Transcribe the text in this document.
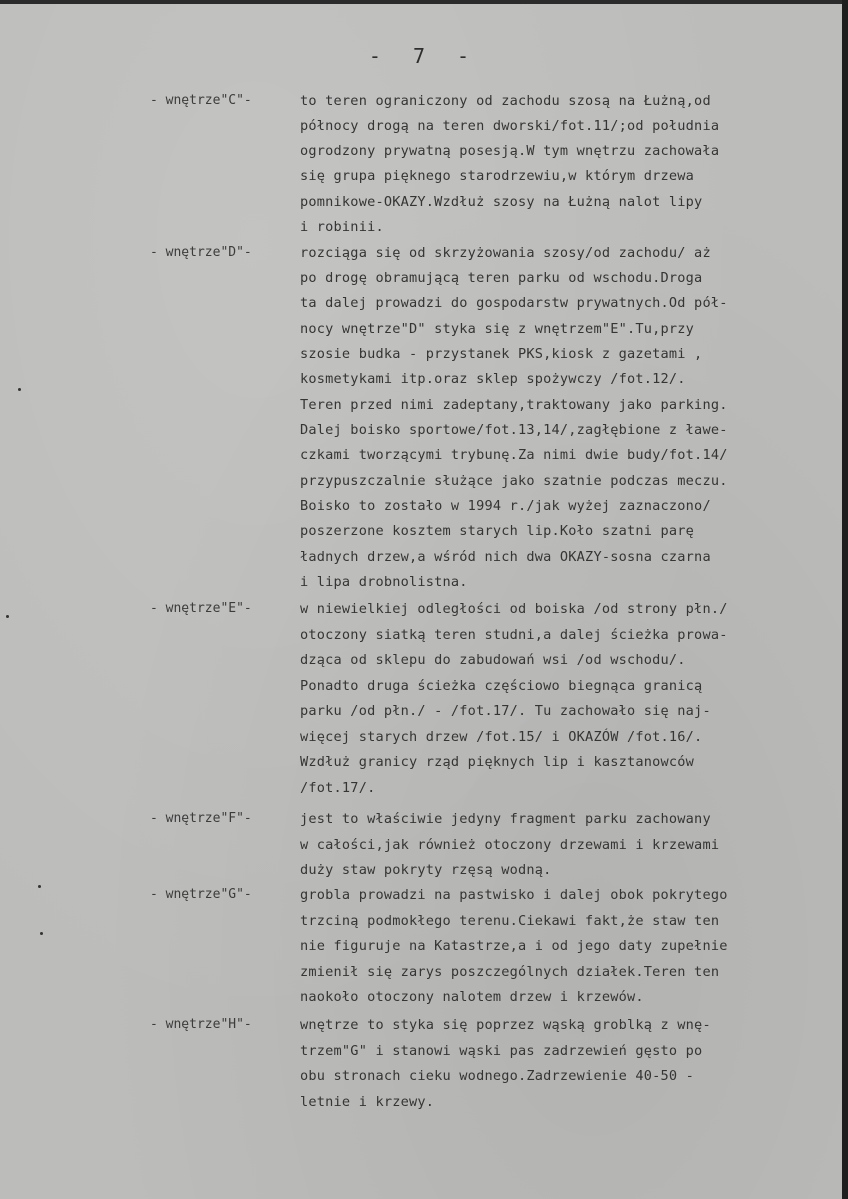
- 7 -
- wnętrze"C"-	to teren ograniczony od zachodu szosą na Łużną,od
północy drogą na teren dworski/fot.11/;od południa
ogrodzony prywatną posesją.W tym wnętrzu zachowała
się grupa pięknego starodrzewiu,w którym drzewa
pomnikowe-OKAZY.Wzdłuż szosy na Łużną nalot lipy
i robinii.
- wnętrze"D"-	rozciąga się od skrzyżowania szosy/od zachodu/ aż
po drogę obramującą teren parku od wschodu.Droga
ta dalej prowadzi do gospodarstw prywatnych.Od pół-
nocy wnętrze"D" styka się z wnętrzem"E".Tu,przy
szosie budka - przystanek PKS,kiosk z gazetami ,
kosmetykami itp.oraz sklep spożywczy /fot.12/.
Teren przed nimi zadeptany,traktowany jako parking.
Dalej boisko sportowe/fot.13,14/,zagłębione z ławe-
czkami tworzącymi trybunę.Za nimi dwie budy/fot.14/
przypuszczalnie służące jako szatnie podczas meczu.
Boisko to zostało w 1994 r./jak wyżej zaznaczono/
poszerzone kosztem starych lip.Koło szatni parę
ładnych drzew,a wśród nich dwa OKAZY-sosna czarna
i lipa drobnolistna.
- wnętrze"E"-	w niewielkiej odległości od boiska /od strony płn./
otoczony siatką teren studni,a dalej ścieżka prowa-
dząca od sklepu do zabudowań wsi /od wschodu/.
Ponadto druga ścieżka częściowo biegnąca granicą
parku /od płn./ - /fot.17/. Tu zachowało się naj-
więcej starych drzew /fot.15/ i OKAZÓW /fot.16/.
Wzdłuż granicy rząd pięknych lip i kasztanowców
/fot.17/.
- wnętrze"F"-	jest to właściwie jedyny fragment parku zachowany
w całości,jak również otoczony drzewami i krzewami
duży staw pokryty rzęsą wodną.
- wnętrze"G"-	grobla prowadzi na pastwisko i dalej obok pokrytego
trzciną podmokłego terenu.Ciekawi fakt,że staw ten
nie figuruje na Katastrze,a i od jego daty zupełnie
zmienił się zarys poszczególnych działek.Teren ten
naokoło otoczony nalotem drzew i krzewów.
- wnętrze"H"-	wnętrze to styka się poprzez wąską groblką z wnę-
trzem"G" i stanowi wąski pas zadrzewień gęsto po
obu stronach cieku wodnego.Zadrzewienie 40-50 -
letnie i krzewy.
